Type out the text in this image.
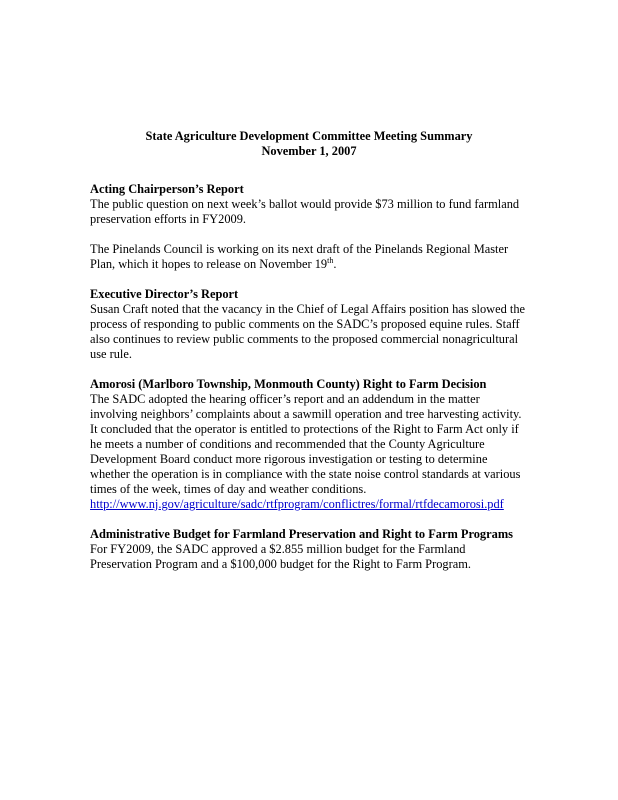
State Agriculture Development Committee Meeting Summary
November 1, 2007

Acting Chairperson’s Report

The public question on next week’s ballot would provide $73 million to fund farmland preservation efforts in FY2009.

The Pinelands Council is working on its next draft of the Pinelands Regional Master Plan, which it hopes to release on November 19th.

Executive Director’s Report

Susan Craft noted that the vacancy in the Chief of Legal Affairs position has slowed the process of responding to public comments on the SADC’s proposed equine rules. Staff also continues to review public comments to the proposed commercial nonagricultural use rule.

Amorosi (Marlboro Township, Monmouth County) Right to Farm Decision

The SADC adopted the hearing officer’s report and an addendum in the matter involving neighbors’ complaints about a sawmill operation and tree harvesting activity. It concluded that the operator is entitled to protections of the Right to Farm Act only if he meets a number of conditions and recommended that the County Agriculture Development Board conduct more rigorous investigation or testing to determine whether the operation is in compliance with the state noise control standards at various times of the week, times of day and weather conditions.

http://www.nj.gov/agriculture/sadc/rtfprogram/conflictres/formal/rtfdecamorosi.pdf

Administrative Budget for Farmland Preservation and Right to Farm Programs

For FY2009, the SADC approved a $2.855 million budget for the Farmland Preservation Program and a $100,000 budget for the Right to Farm Program.
